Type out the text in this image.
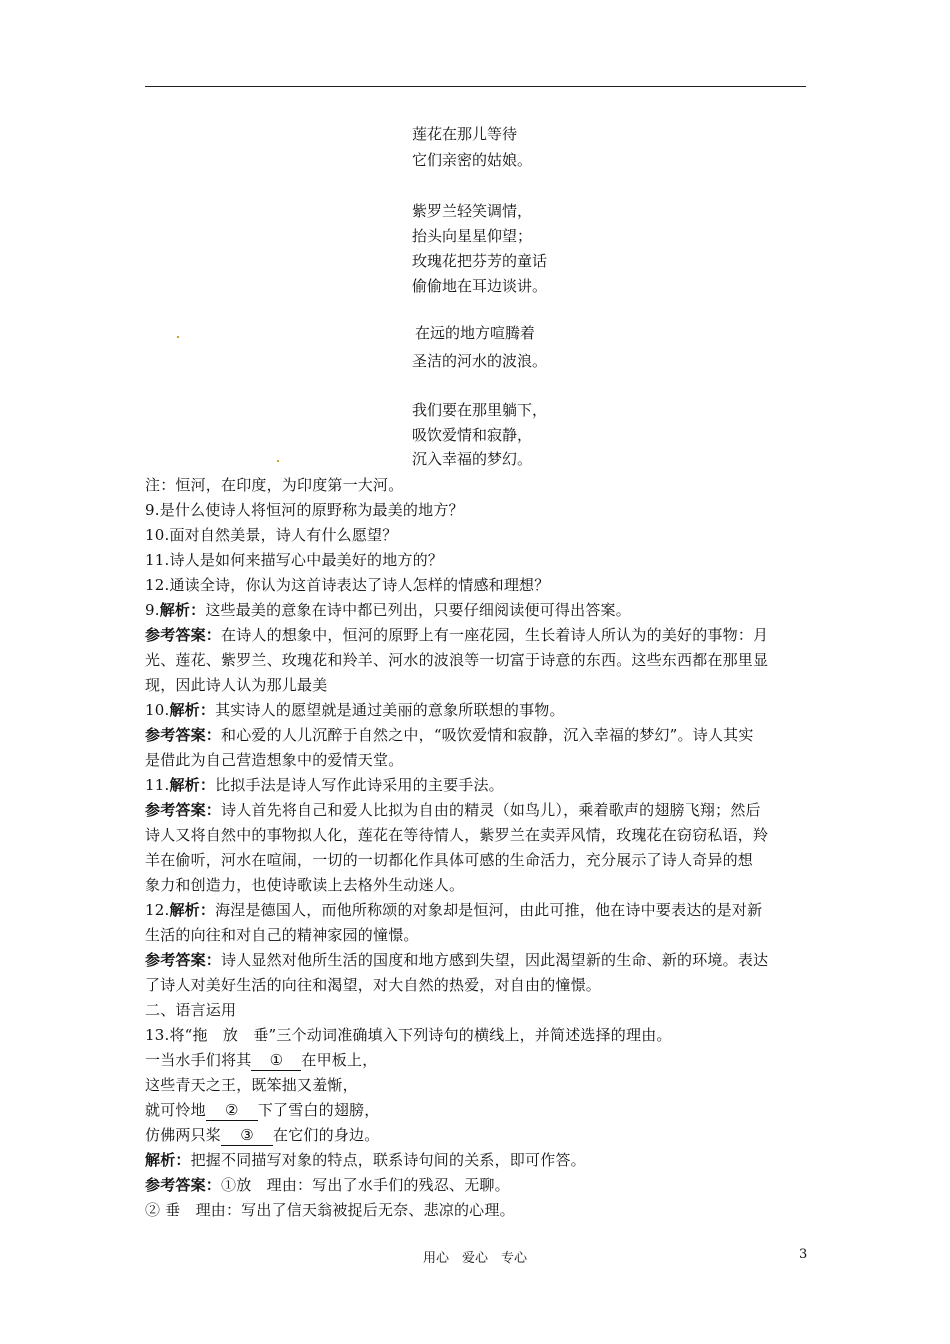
莲花在那儿等待
它们亲密的姑娘。
紫罗兰轻笑调情，
抬头向星星仰望；
玫瑰花把芬芳的童话
偷偷地在耳边谈讲。
在远的地方喧腾着
圣洁的河水的波浪。
我们要在那里躺下，
吸饮爱情和寂静，
沉入幸福的梦幻。
注：恒河，在印度，为印度第一大河。
9.是什么使诗人将恒河的原野称为最美的地方？
10.面对自然美景，诗人有什么愿望？
11.诗人是如何来描写心中最美好的地方的？
12.通读全诗，你认为这首诗表达了诗人怎样的情感和理想？
9.解析：这些最美的意象在诗中都已列出，只要仔细阅读便可得出答案。
参考答案：在诗人的想象中，恒河的原野上有一座花园，生长着诗人所认为的美好的事物：月
光、莲花、紫罗兰、玫瑰花和羚羊、河水的波浪等一切富于诗意的东西。这些东西都在那里显
现，因此诗人认为那儿最美
10.解析：其实诗人的愿望就是通过美丽的意象所联想的事物。
参考答案：和心爱的人儿沉醉于自然之中，“吸饮爱情和寂静，沉入幸福的梦幻”。诗人其实
是借此为自己营造想象中的爱情天堂。
11.解析：比拟手法是诗人写作此诗采用的主要手法。
参考答案：诗人首先将自己和爱人比拟为自由的精灵（如鸟儿），乘着歌声的翅膀飞翔；然后
诗人又将自然中的事物拟人化，莲花在等待情人，紫罗兰在卖弄风情，玫瑰花在窃窃私语，羚
羊在偷听，河水在喧闹，一切的一切都化作具体可感的生命活力，充分展示了诗人奇异的想
象力和创造力，也使诗歌读上去格外生动迷人。
12.解析：海涅是德国人，而他所称颂的对象却是恒河，由此可推，他在诗中要表达的是对新
生活的向往和对自己的精神家园的憧憬。
参考答案：诗人显然对他所生活的国度和地方感到失望，因此渴望新的生命、新的环境。表达
了诗人对美好生活的向往和渴望，对大自然的热爱，对自由的憧憬。
二、语言运用
13.将“拖　放　垂”三个动词准确填入下列诗句的横线上，并简述选择的理由。
一当水手们将其 ① 在甲板上，
这些青天之王，既笨拙又羞惭，
就可怜地 ② 下了雪白的翅膀，
仿佛两只桨 ③ 在它们的身边。
解析：把握不同描写对象的特点，联系诗句间的关系，即可作答。
参考答案：①放　理由：写出了水手们的残忍、无聊。
② 垂　理由：写出了信天翁被捉后无奈、悲凉的心理。
用心　爱心　专心	3
